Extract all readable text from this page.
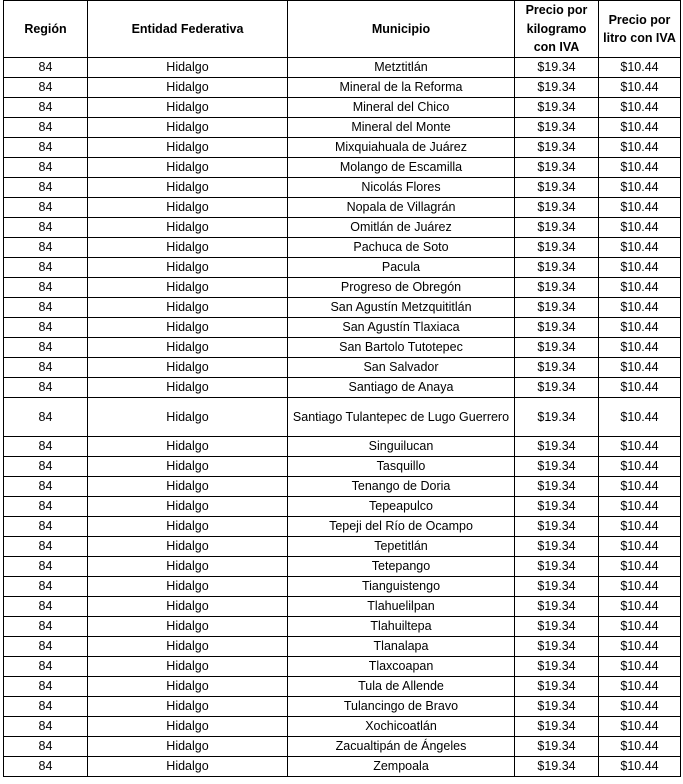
Región	Entidad Federativa	Municipio	Precio por kilogramo con IVA	Precio por litro con IVA
84	Hidalgo	Metztitlán	$19.34	$10.44
84	Hidalgo	Mineral de la Reforma	$19.34	$10.44
84	Hidalgo	Mineral del Chico	$19.34	$10.44
84	Hidalgo	Mineral del Monte	$19.34	$10.44
84	Hidalgo	Mixquiahuala de Juárez	$19.34	$10.44
84	Hidalgo	Molango de Escamilla	$19.34	$10.44
84	Hidalgo	Nicolás Flores	$19.34	$10.44
84	Hidalgo	Nopala de Villagrán	$19.34	$10.44
84	Hidalgo	Omitlán de Juárez	$19.34	$10.44
84	Hidalgo	Pachuca de Soto	$19.34	$10.44
84	Hidalgo	Pacula	$19.34	$10.44
84	Hidalgo	Progreso de Obregón	$19.34	$10.44
84	Hidalgo	San Agustín Metzquititlán	$19.34	$10.44
84	Hidalgo	San Agustín Tlaxiaca	$19.34	$10.44
84	Hidalgo	San Bartolo Tutotepec	$19.34	$10.44
84	Hidalgo	San Salvador	$19.34	$10.44
84	Hidalgo	Santiago de Anaya	$19.34	$10.44
84	Hidalgo	Santiago Tulantepec de Lugo Guerrero	$19.34	$10.44
84	Hidalgo	Singuilucan	$19.34	$10.44
84	Hidalgo	Tasquillo	$19.34	$10.44
84	Hidalgo	Tenango de Doria	$19.34	$10.44
84	Hidalgo	Tepeapulco	$19.34	$10.44
84	Hidalgo	Tepeji del Río de Ocampo	$19.34	$10.44
84	Hidalgo	Tepetitlán	$19.34	$10.44
84	Hidalgo	Tetepango	$19.34	$10.44
84	Hidalgo	Tianguistengo	$19.34	$10.44
84	Hidalgo	Tlahuelilpan	$19.34	$10.44
84	Hidalgo	Tlahuiltepa	$19.34	$10.44
84	Hidalgo	Tlanalapa	$19.34	$10.44
84	Hidalgo	Tlaxcoapan	$19.34	$10.44
84	Hidalgo	Tula de Allende	$19.34	$10.44
84	Hidalgo	Tulancingo de Bravo	$19.34	$10.44
84	Hidalgo	Xochicoatlán	$19.34	$10.44
84	Hidalgo	Zacualtipán de Ángeles	$19.34	$10.44
84	Hidalgo	Zempoala	$19.34	$10.44
